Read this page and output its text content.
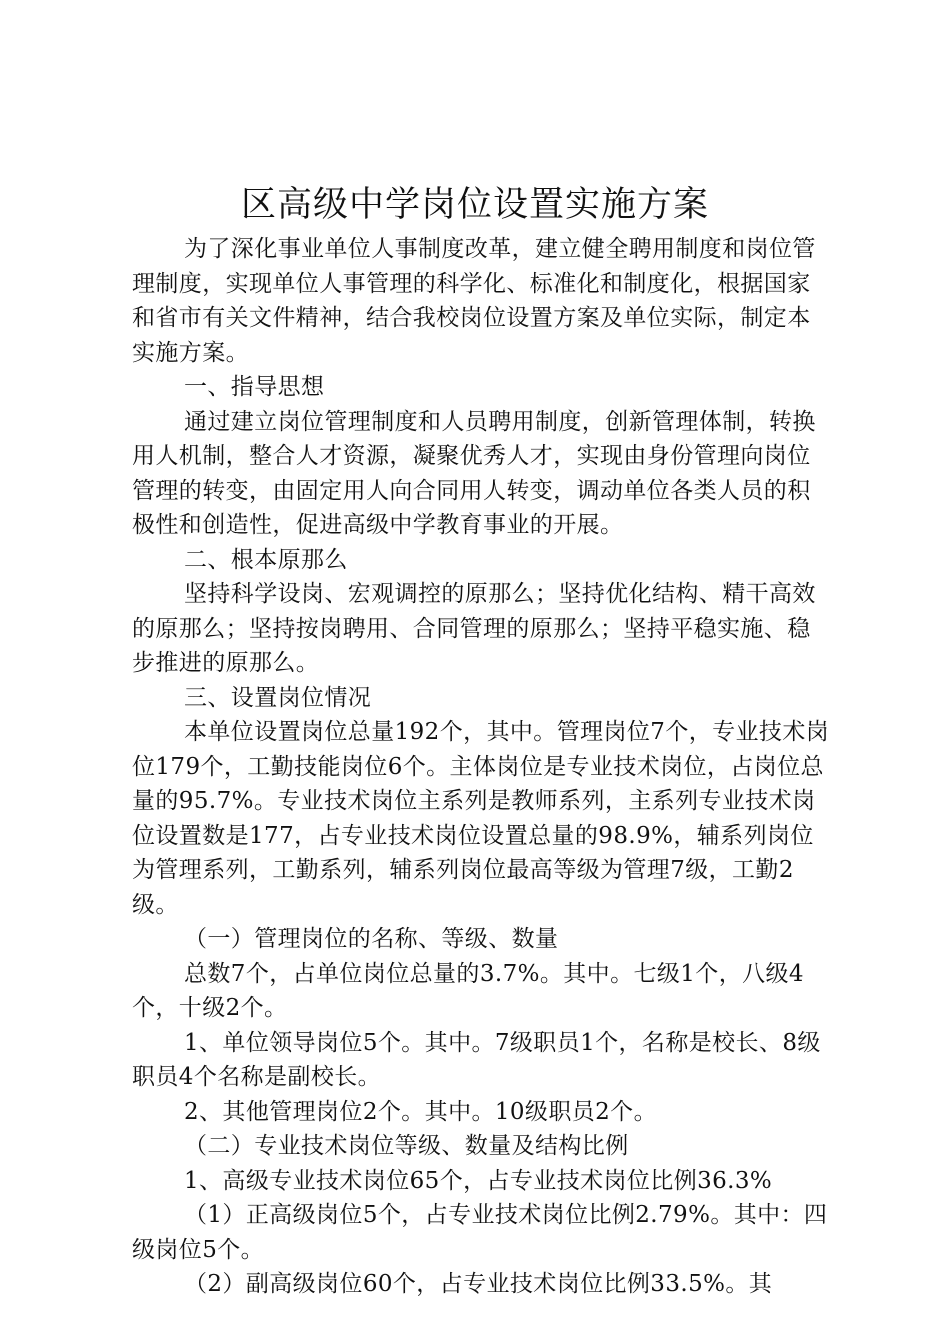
区高级中学岗位设置实施方案

为了深化事业单位人事制度改革，建立健全聘用制度和岗位管理制度，实现单位人事管理的科学化、标准化和制度化，根据国家和省市有关文件精神，结合我校岗位设置方案及单位实际，制定本实施方案。

一、指导思想

通过建立岗位管理制度和人员聘用制度，创新管理体制，转换用人机制，整合人才资源，凝聚优秀人才，实现由身份管理向岗位管理的转变，由固定用人向合同用人转变，调动单位各类人员的积极性和创造性，促进高级中学教育事业的开展。

二、根本原那么

坚持科学设岗、宏观调控的原那么；坚持优化结构、精干高效的原那么；坚持按岗聘用、合同管理的原那么；坚持平稳实施、稳步推进的原那么。

三、设置岗位情况

本单位设置岗位总量192个，其中。管理岗位7个，专业技术岗位179个，工勤技能岗位6个。主体岗位是专业技术岗位，占岗位总量的95.7%。专业技术岗位主系列是教师系列，主系列专业技术岗位设置数是177，占专业技术岗位设置总量的98.9%，辅系列岗位为管理系列，工勤系列，辅系列岗位最高等级为管理7级，工勤2级。

（一）管理岗位的名称、等级、数量

总数7个，占单位岗位总量的3.7%。其中。七级1个，八级4个，十级2个。

1、单位领导岗位5个。其中。7级职员1个，名称是校长、8级职员4个名称是副校长。

2、其他管理岗位2个。其中。10级职员2个。

（二）专业技术岗位等级、数量及结构比例

1、高级专业技术岗位65个，占专业技术岗位比例36.3%

（1）正高级岗位5个，占专业技术岗位比例2.79%。其中：四级岗位5个。

（2）副高级岗位60个，占专业技术岗位比例33.5%。其
